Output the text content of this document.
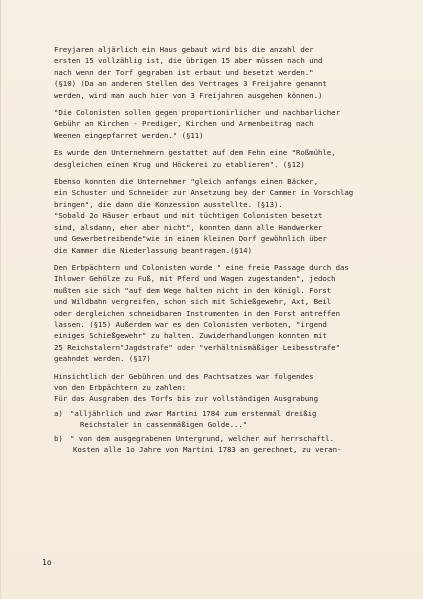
Freyjaren aljärlich ein Haus gebaut wird bis die anzahl der
ersten 15 vollzählig ist, die übrigen 15 aber müssen nach und
nach wenn der Torf gegraben ist erbaut und besetzt werden."
(§10) (Da an anderen Stellen des Vertrages 3 Freijahre genannt
werden, wird man auch hier von 3 Freijahren ausgehen können.)
"Die Colonisten sollen gegen proportionirlicher und nachbarlicher
Gebühr an Kirchen - Prediger, Kirchen und Armenbeitrag nach
Weenen eingepfarret werden." (§11)
Es wurde den Unternehmern gestattet auf dem Fehn eine "Roßmühle,
desgleichen einen Krug und Höckerei zu etablieren". (§12)
Ebenso konnten die Unternehmer "gleich anfangs einen Bäcker,
ein Schuster und Schneider zur Ansetzung bey der Cammer in Vorschlag
bringen", die dann die Konzession ausstellte. (§13).
"Sobald 2o Häuser erbaut und mit tüchtigen Colonisten besetzt
sind, alsdann, eher aber nicht", konnten dann alle Handwerker
und Gewerbetreibende"wie in einem kleinen Dorf gewöhnlich über
die Kammer die Niederlassung beantragen.(§14)
Den Erbpächtern und Colonisten wurde " eine freie Passage durch das
Ihlower Gehölze zu Fuß, mit Pferd und Wagen zugestanden", jedoch
mußten sie sich "auf dem Wege halten nicht in den königl. Forst
und Wildbahn vergreifen, schon sich mit Schießgewehr, Axt, Beil
oder dergleichen schneidbaren Instrumenten in den Forst antreffen
lassen. (§15) Außerdem war es den Colonisten verboten, "irgend
einiges Schießgewehr" zu halten. Zuwiderhandlungen konnten mit
25 Reichstalern"Jagdstrafe" oder "verhältnismäßiger Leibesstrafe"
geahndet werden. (§17)
Hinsichtlich der Gebühren und des Pachtsatzes war folgendes
von den Erbpächtern zu zahlen:
Für das Ausgraben des Torfs bis zur vollständigen Ausgrabung
a) "alljährlich und zwar Martini 1784 zum erstenmal dreißig
Reichstaler in cassenmäßigen Golde..."
b) " von dem ausgegrabenen Untergrund, welcher auf herrschaftl.
Kosten alle 1o Jahre von Martini 1783 an gerechnet, zu veran-
1o
